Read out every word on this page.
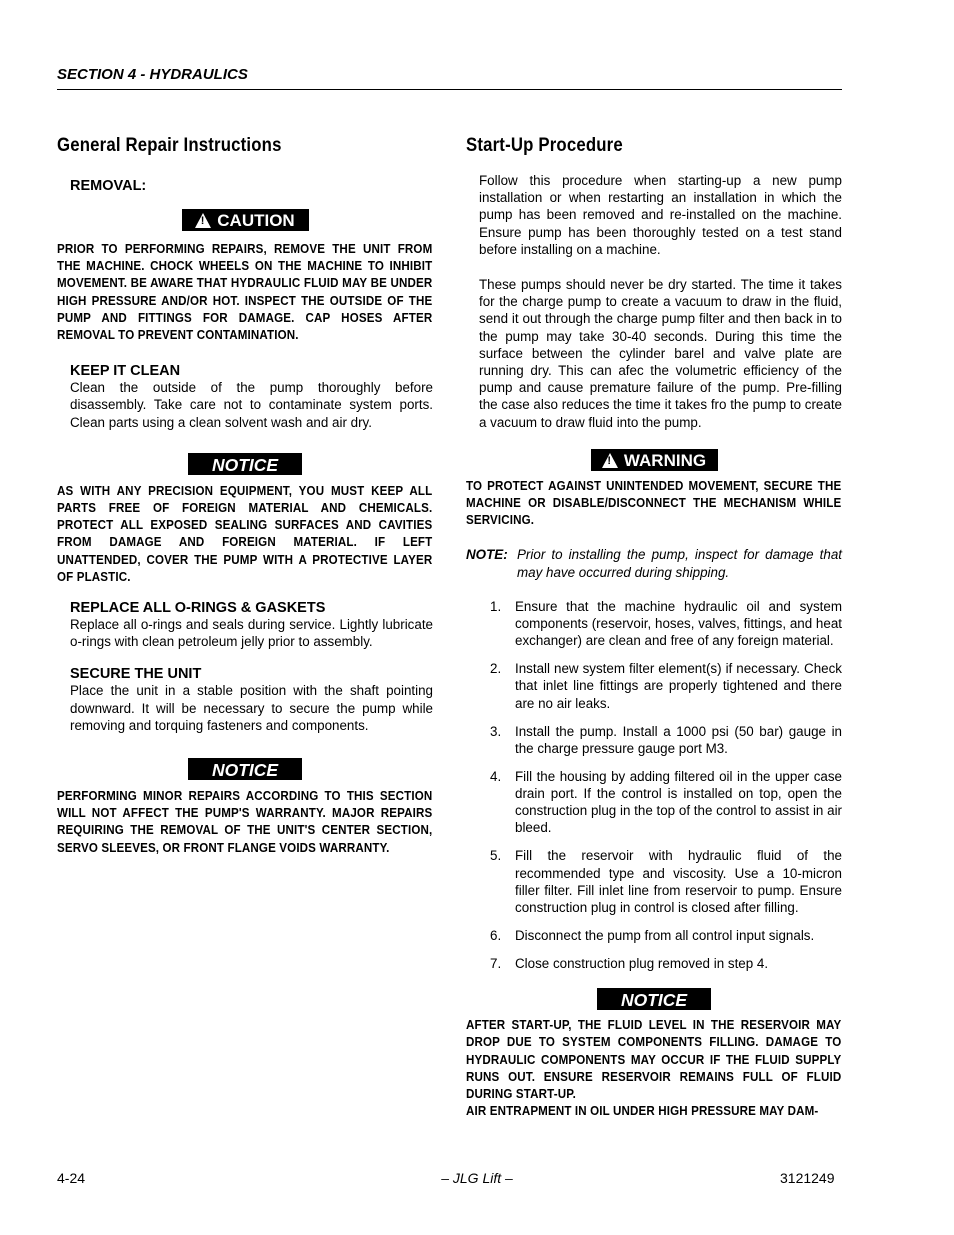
SECTION 4 - HYDRAULICS
General Repair Instructions
REMOVAL:
!CAUTION

PRIOR TO PERFORMING REPAIRS, REMOVE THE UNIT FROM THE MACHINE. CHOCK WHEELS ON THE MACHINE TO INHIBIT MOVEMENT. BE AWARE THAT HYDRAULIC FLUID MAY BE UNDER HIGH PRESSURE AND/OR HOT. INSPECT THE OUTSIDE OF THE PUMP AND FITTINGS FOR DAMAGE. CAP HOSES AFTER REMOVAL TO PREVENT CONTAMINATION.

KEEP IT CLEAN

Clean the outside of the pump thoroughly before disassembly. Take care not to contaminate system ports. Clean parts using a clean solvent wash and air dry.

NOTICE

AS WITH ANY PRECISION EQUIPMENT, YOU MUST KEEP ALL PARTS FREE OF FOREIGN MATERIAL AND CHEMICALS. PROTECT ALL EXPOSED SEALING SURFACES AND CAVITIES FROM DAMAGE AND FOREIGN MATERIAL. IF LEFT UNATTENDED, COVER THE PUMP WITH A PROTECTIVE LAYER OF PLASTIC.

REPLACE ALL O-RINGS & GASKETS

Replace all o-rings and seals during service. Lightly lubricate o-rings with clean petroleum jelly prior to assembly.

SECURE THE UNIT

Place the unit in a stable position with the shaft pointing downward. It will be necessary to secure the pump while removing and torquing fasteners and components.

NOTICE

PERFORMING MINOR REPAIRS ACCORDING TO THIS SECTION WILL NOT AFFECT THE PUMP'S WARRANTY. MAJOR REPAIRS REQUIRING THE REMOVAL OF THE UNIT'S CENTER SECTION, SERVO SLEEVES, OR FRONT FLANGE VOIDS WARRANTY.

Start-Up Procedure

Follow this procedure when starting-up a new pump installation or when restarting an installation in which the pump has been removed and re-installed on the machine. Ensure pump has been thoroughly tested on a test stand before installing on a machine.

These pumps should never be dry started. The time it takes for the charge pump to create a vacuum to draw in the fluid, send it out through the charge pump filter and then back in to the pump may take 30-40 seconds. During this time the surface between the cylinder barel and valve plate are running dry. This can afec the volumetric efficiency of the pump and cause premature failure of the pump. Pre-filling the case also reduces the time it takes fro the pump to create a vacuum to draw fluid into the pump.

!WARNING

TO PROTECT AGAINST UNINTENDED MOVEMENT, SECURE THE MACHINE OR DISABLE/DISCONNECT THE MECHANISM WHILE SERVICING.

NOTE: Prior to installing the pump, inspect for damage that may have occurred during shipping.
1.	Ensure that the machine hydraulic oil and system components (reservoir, hoses, valves, fittings, and heat exchanger) are clean and free of any foreign material.
2.	Install new system filter element(s) if necessary. Check that inlet line fittings are properly tightened and there are no air leaks.
3.	Install the pump. Install a 1000 psi (50 bar) gauge in the charge pressure gauge port M3.
4.	Fill the housing by adding filtered oil in the upper case drain port. If the control is installed on top, open the construction plug in the top of the control to assist in air bleed.
5.	Fill the reservoir with hydraulic fluid of the recommended type and viscosity. Use a 10-micron filler filter. Fill inlet line from reservoir to pump. Ensure construction plug in control is closed after filling.
6.	Disconnect the pump from all control input signals.
7.	Close construction plug removed in step 4.
NOTICE

AFTER START-UP, THE FLUID LEVEL IN THE RESERVOIR MAY DROP DUE TO SYSTEM COMPONENTS FILLING. DAMAGE TO HYDRAULIC COMPONENTS MAY OCCUR IF THE FLUID SUPPLY RUNS OUT. ENSURE RESERVOIR REMAINS FULL OF FLUID DURING START-UP.

AIR ENTRAPMENT IN OIL UNDER HIGH PRESSURE MAY DAM-

4-24	– JLG Lift –	3121249
